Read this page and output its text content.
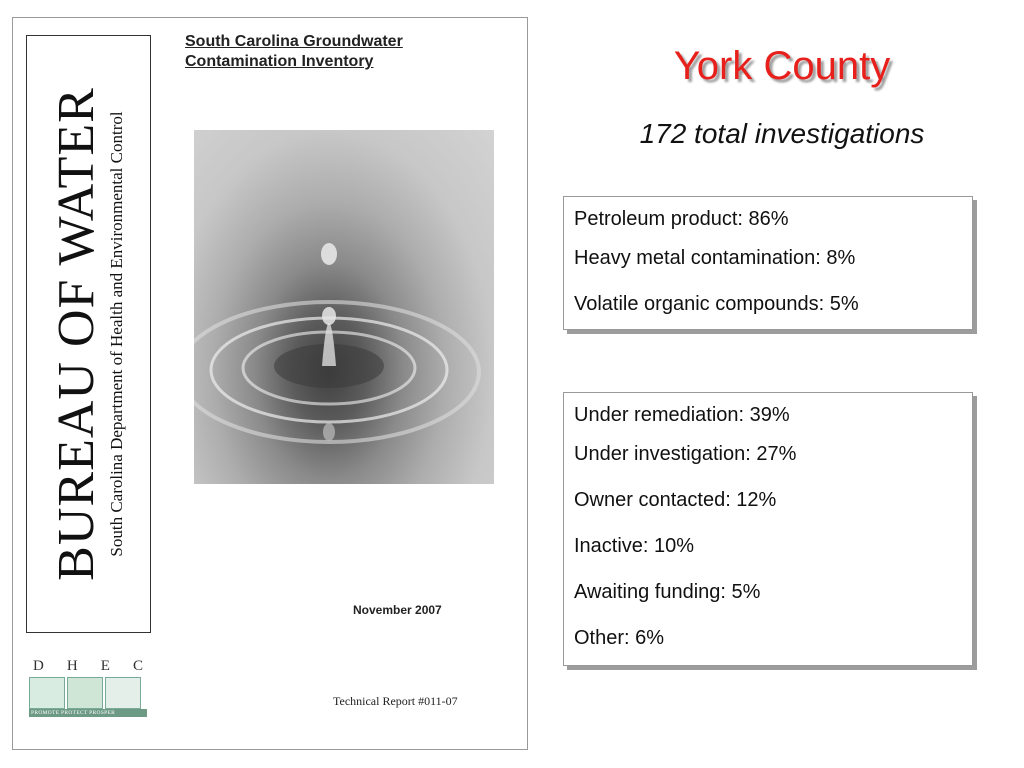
BUREAU OF WATER South Carolina Department of Health and Environmental Control
South Carolina Groundwater
Contamination Inventory
November 2007
D H E C
PROMOTE PROTECT PROSPER
Technical Report #011-07
York County
172 total investigations
Petroleum product: 86%
Heavy metal contamination: 8%
Volatile organic compounds: 5%
Under remediation: 39%
Under investigation: 27%
Owner contacted: 12%
Inactive: 10%
Awaiting funding: 5%
Other: 6%
